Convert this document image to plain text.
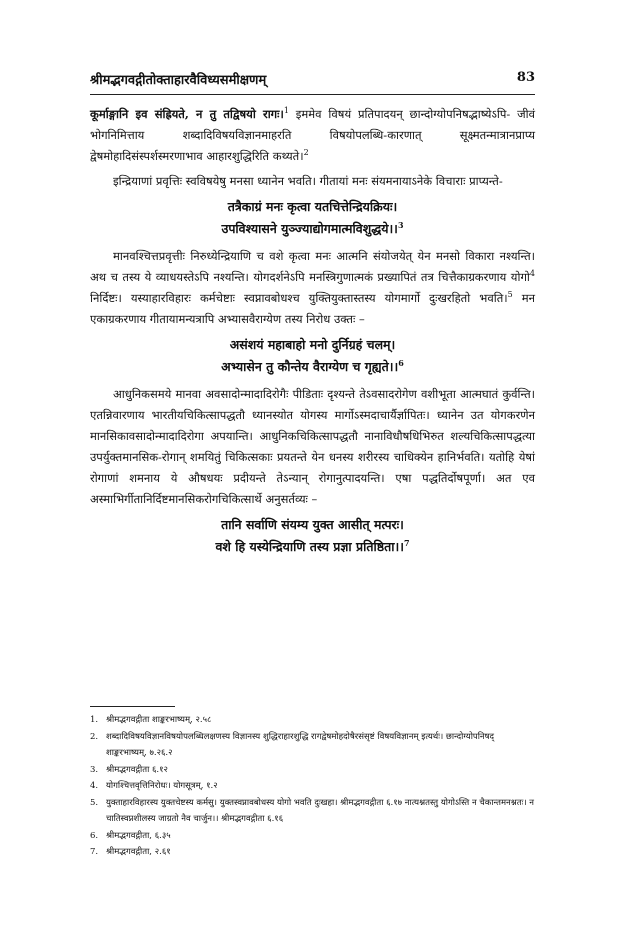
श्रीमद्भगवद्गीतोक्ताहारवैविध्यसमीक्षणम्	83

कूर्माङ्गानि इव संह्रियते, न तु तद्विषयो रागः।$^1$ इममेव विषयं प्रतिपादयन् छान्दोग्योपनिषद्भाष्येऽपि- जीवं भोगनिमित्ताय शब्दादिविषयविज्ञानमाहरति विषयोपलब्धि-कारणात् सूक्ष्मतन्मात्रानप्राप्य द्वेषमोहादिसंस्पर्शस्मरणाभाव आहारशुद्धिरिति कथ्यते।$^2$

इन्द्रियाणां प्रवृत्तिः स्वविषयेषु मनसा ध्यानेन भवति। गीतायां मनः संयमनायाऽनेके विचाराः प्राप्यन्ते-

तत्रैकाग्रं मनः कृत्वा यतचित्तेन्द्रियक्रियः।
उपविश्यासने युञ्ज्याद्योगमात्मविशुद्धये।।$^3$

मानवश्चित्तप्रवृत्तीः निरुध्येन्द्रियाणि च वशे कृत्वा मनः आत्मनि संयोजयेत् येन मनसो विकारा नश्यन्ति। अथ च तस्य ये व्याधयस्तेऽपि नश्यन्ति। योगदर्शनेऽपि मनस्त्रिगुणात्मकं प्रख्यापितं तत्र चित्तैकाग्रकरणाय योगो$^4$ निर्दिष्टः। यस्याहारविहारः कर्मचेष्टाः स्वप्नावबोधश्च युक्तियुक्तास्तस्य योगमार्गो दुःखरहितो भवति।$^5$ मन एकाग्रकरणाय गीतायामन्यत्रापि अभ्यासवैराग्येण तस्य निरोध उक्तः –

असंशयं महाबाहो मनो दुर्निग्रहं चलम्।
अभ्यासेन तु कौन्तेय वैराग्येण च गृह्यते।।$^6$

आधुनिकसमये मानवा अवसादोन्मादादिरोगैः पीडिताः दृश्यन्ते तेऽवसादरोगेण वशीभूता आत्मघातं कुर्वन्ति। एतन्निवारणाय भारतीयचिकित्सापद्धतौ ध्यानस्योत योगस्य मार्गोऽस्मदाचार्यैर्ज्ञापितः। ध्यानेन उत योगकरणेन मानसिकावसादोन्मादादिरोगा अपयान्ति। आधुनिकचिकित्सापद्धतौ नानाविधौषधिभिरुत शल्यचिकित्सापद्धत्या उपर्युक्तमानसिक-रोगान् शमयितुं चिकित्सकाः प्रयतन्ते येन धनस्य शरीरस्य चाधिक्येन हानिर्भवति। यतोहि येषां रोगाणां शमनाय ये औषधयः प्रदीयन्ते तेऽन्यान् रोगानुत्पादयन्ति। एषा पद्धतिर्दोषपूर्णा। अत एव अस्माभिर्गीतानिर्दिष्टमानसिकरोगचिकित्सार्थे अनुसर्तव्यः –

तानि सर्वाणि संयम्य युक्त आसीत् मत्परः।
वशे हि यस्येन्द्रियाणि तस्य प्रज्ञा प्रतिष्ठिता।।$^7$
1. श्रीमद्भगवद्गीता शाङ्करभाष्यम्, २.५८
2. शब्दादिविषयविज्ञानविषयोपलब्धिलक्षणस्य विज्ञानस्य शुद्धिराहारशुद्धि रागद्वेषमोहदोषैरसंसृष्टं विषयविज्ञानम् इत्यर्थः। छान्दोग्योपनिषद् शाङ्करभाष्यम्, ७.२६.२
3. श्रीमद्भगवद्गीता ६.१२
4. योगश्चित्तवृत्तिनिरोधः। योगसूत्रम्, १.२
5. युक्ताहारविहारस्य युक्तचेष्टस्य कर्मसु। युक्तस्वप्नावबोधस्य योगो भवति दुःखहा। श्रीमद्भगवद्गीता ६.१७ नात्यश्नतस्तु योगोऽस्ति न चैकान्तमनश्नतः। न चातिस्वप्नशीलस्य जाग्रतो नैव चार्जुन।। श्रीमद्भगवद्गीता ६.१६
6. श्रीमद्भगवद्गीता, ६.३५
7. श्रीमद्भगवद्गीता, २.६१
